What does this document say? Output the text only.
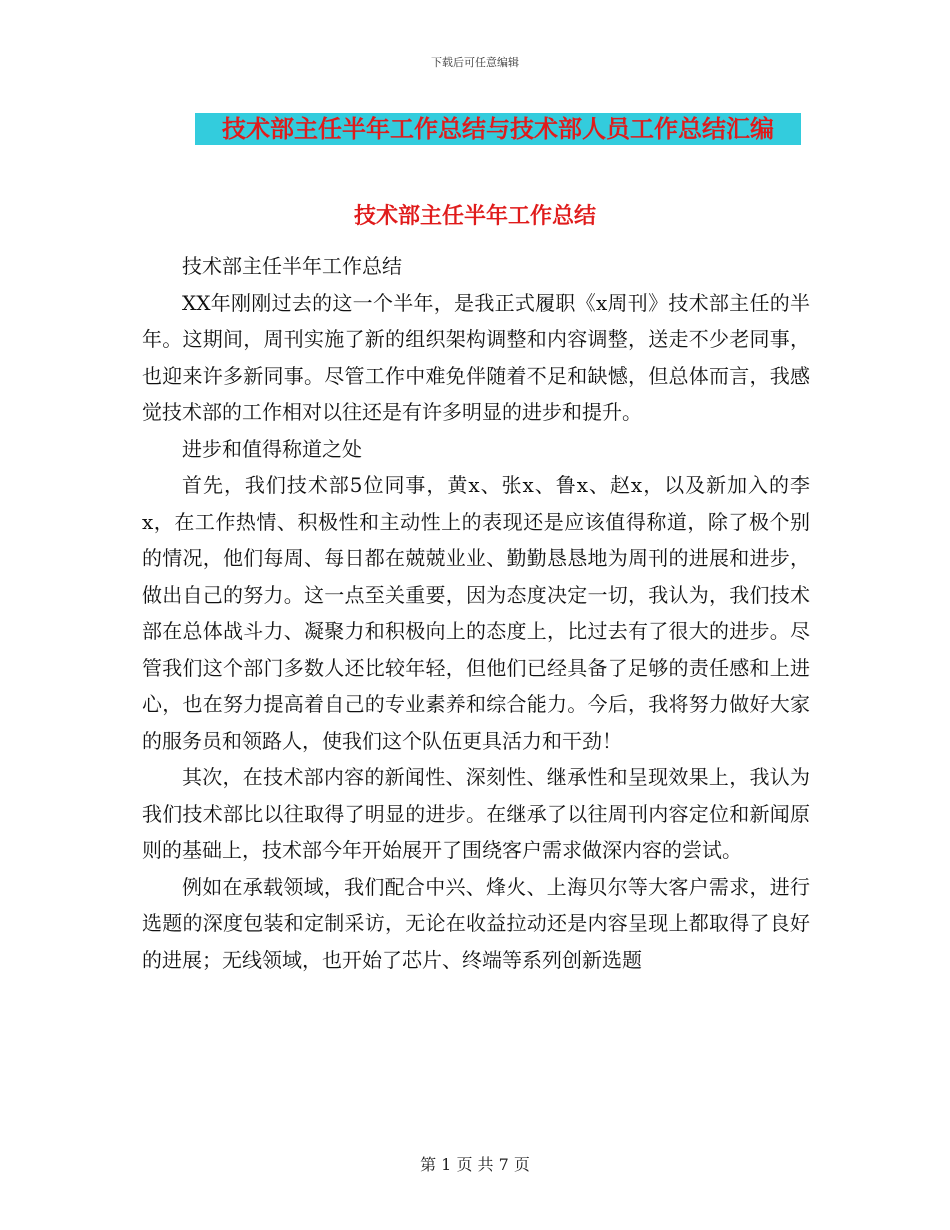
下载后可任意编辑
技术部主任半年工作总结与技术部人员工作总结汇编
技术部主任半年工作总结

技术部主任半年工作总结

XX年刚刚过去的这一个半年，是我正式履职《x周刊》技术部主任的半年。这期间，周刊实施了新的组织架构调整和内容调整，送走不少老同事，也迎来许多新同事。尽管工作中难免伴随着不足和缺憾，但总体而言，我感觉技术部的工作相对以往还是有许多明显的进步和提升。

进步和值得称道之处

首先，我们技术部5位同事，黄x、张x、鲁x、赵x，以及新加入的李x，在工作热情、积极性和主动性上的表现还是应该值得称道，除了极个别的情况，他们每周、每日都在兢兢业业、勤勤恳恳地为周刊的进展和进步，做出自己的努力。这一点至关重要，因为态度决定一切，我认为，我们技术部在总体战斗力、凝聚力和积极向上的态度上，比过去有了很大的进步。尽管我们这个部门多数人还比较年轻，但他们已经具备了足够的责任感和上进心，也在努力提高着自己的专业素养和综合能力。今后，我将努力做好大家的服务员和领路人，使我们这个队伍更具活力和干劲！

其次，在技术部内容的新闻性、深刻性、继承性和呈现效果上，我认为我们技术部比以往取得了明显的进步。在继承了以往周刊内容定位和新闻原则的基础上，技术部今年开始展开了围绕客户需求做深内容的尝试。

例如在承载领域，我们配合中兴、烽火、上海贝尔等大客户需求，进行选题的深度包装和定制采访，无论在收益拉动还是内容呈现上都取得了良好的进展；无线领域，也开始了芯片、终端等系列创新选题

第 1 页 共 7 页
